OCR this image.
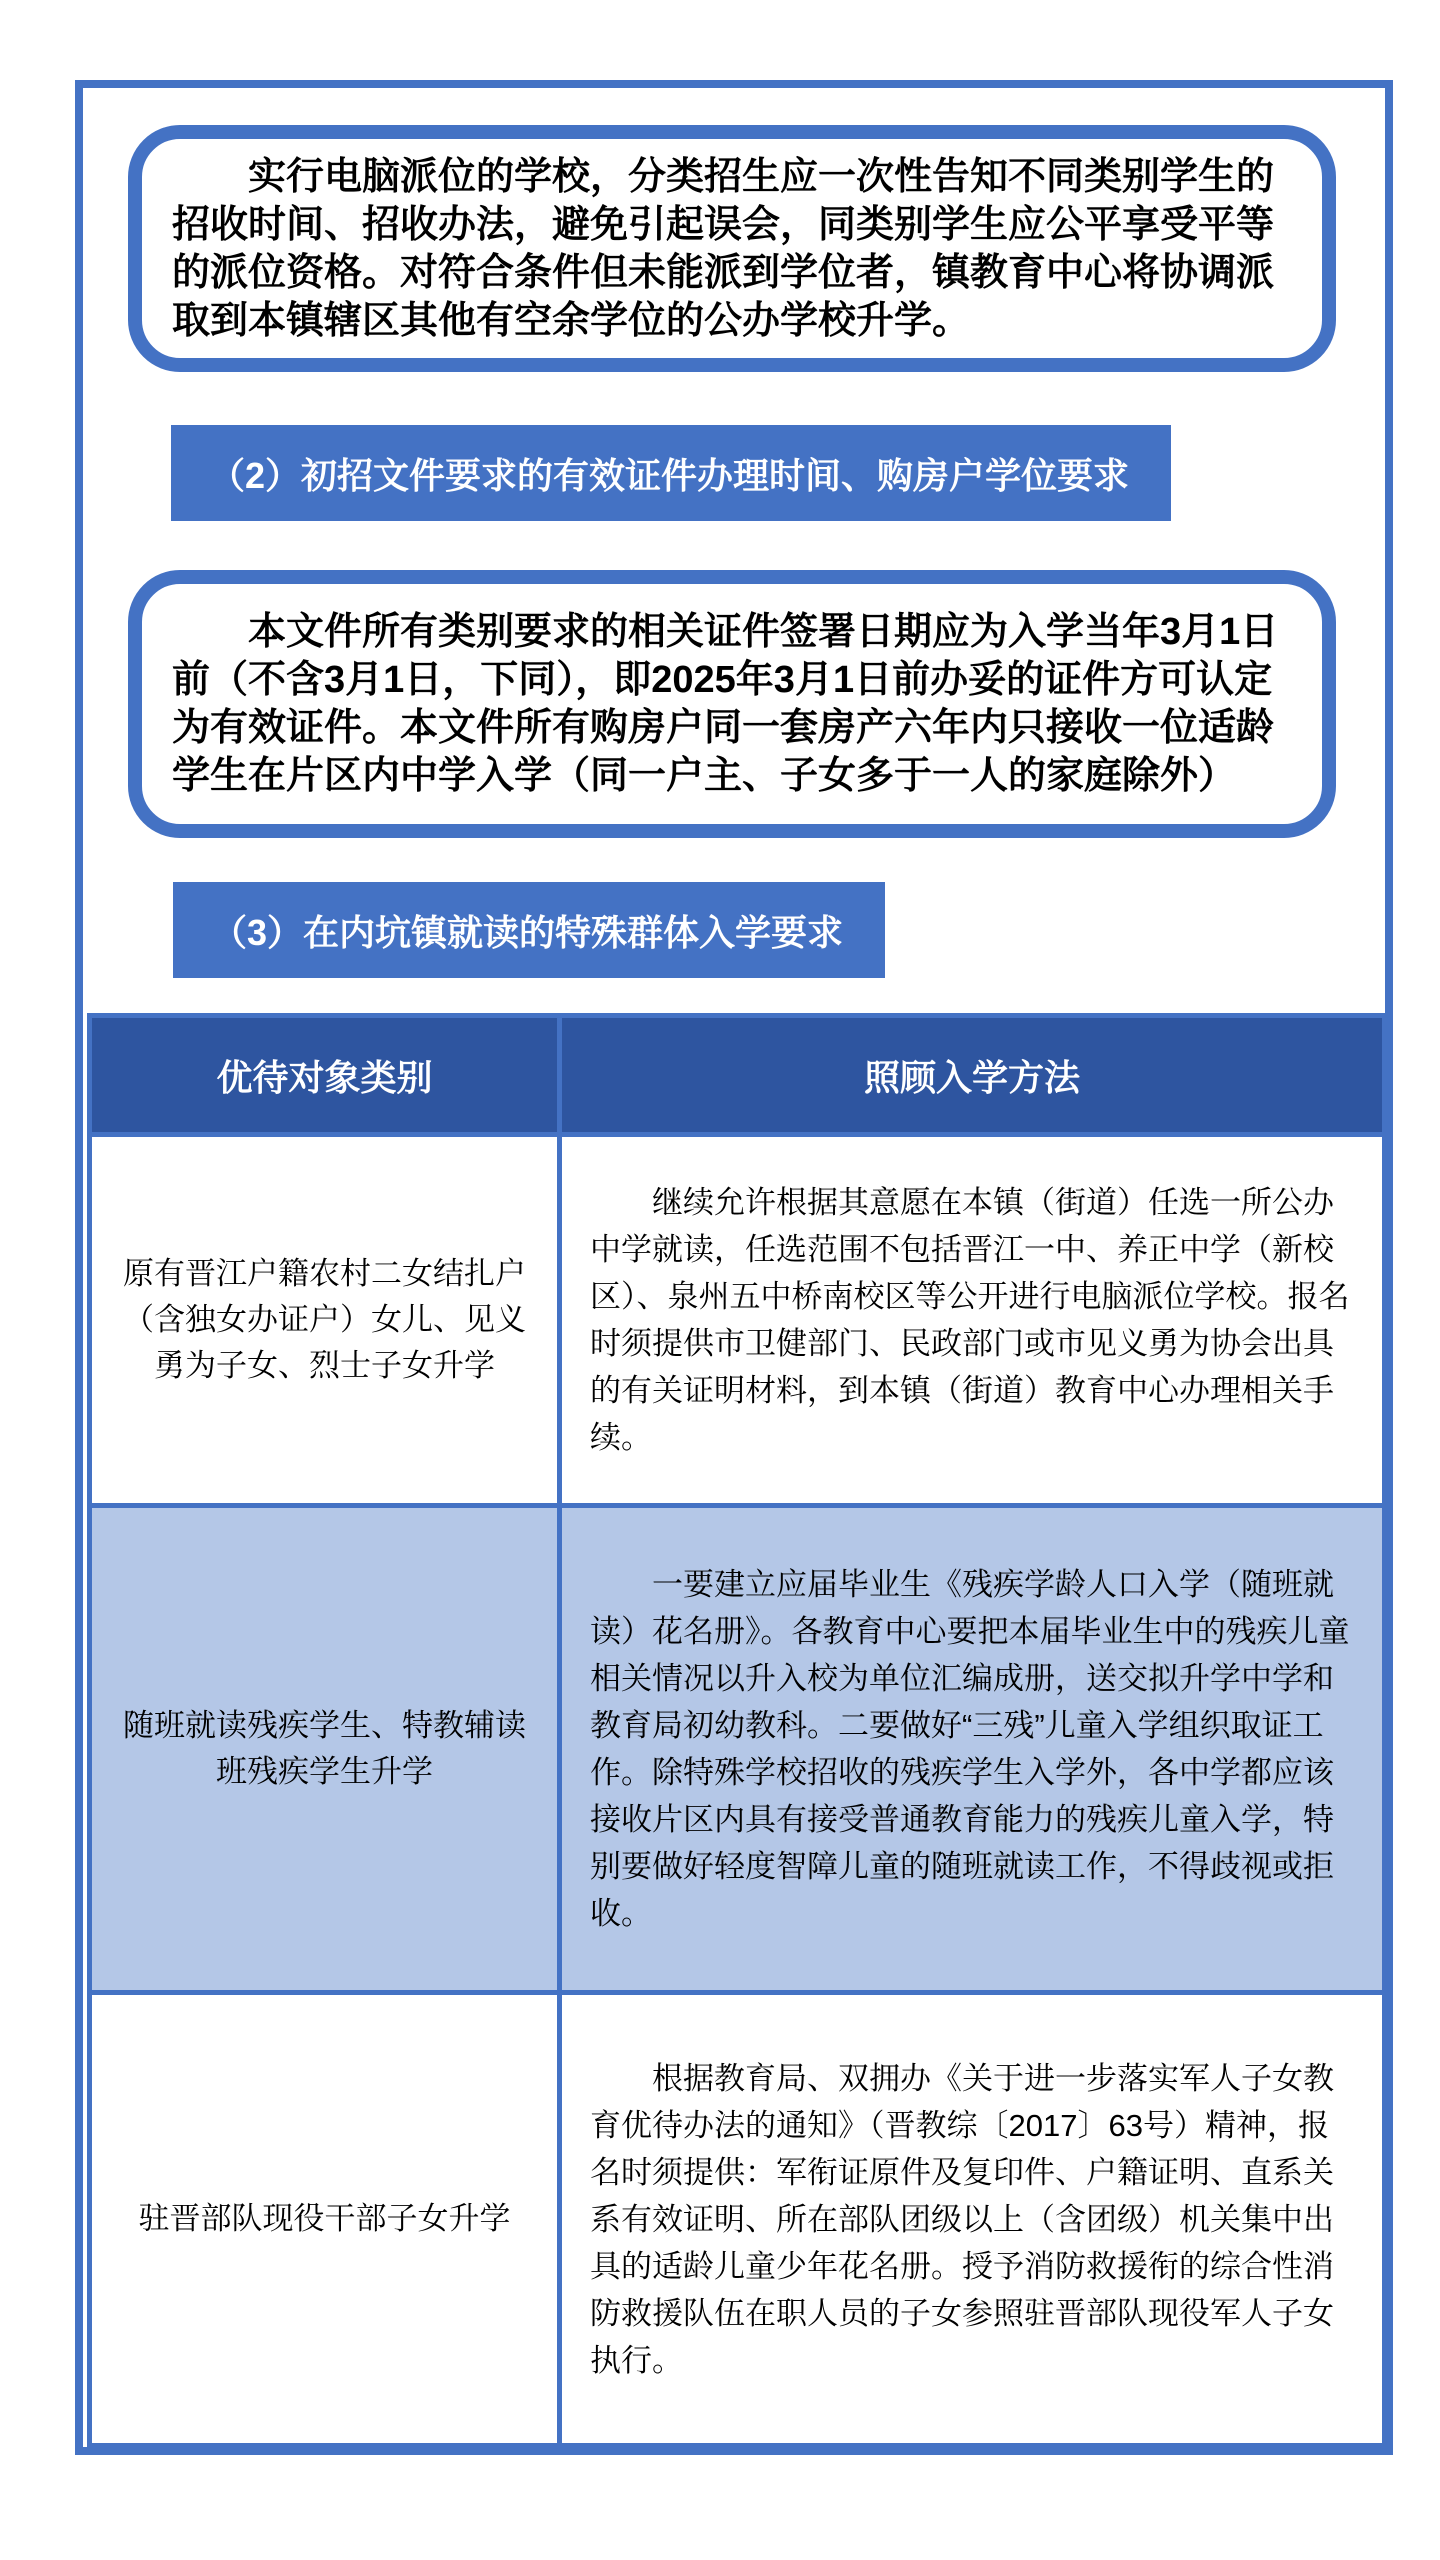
实行电脑派位的学校，分类招生应一次性告知不同类别学生的招收时间、招收办法，避免引起误会，同类别学生应公平享受平等的派位资格。对符合条件但未能派到学位者，镇教育中心将协调派取到本镇辖区其他有空余学位的公办学校升学。

（2）初招文件要求的有效证件办理时间、购房户学位要求

本文件所有类别要求的相关证件签署日期应为入学当年3月1日前（不含3月1日，下同），即2025年3月1日前办妥的证件方可认定为有效证件。本文件所有购房户同一套房产六年内只接收一位适龄学生在片区内中学入学（同一户主、子女多于一人的家庭除外）

（3）在内坑镇就读的特殊群体入学要求
优待对象类别	照顾入学方法
原有晋江户籍农村二女结扎户（含独女办证户）女儿、见义勇为子女、烈士子女升学	继续允许根据其意愿在本镇（街道）任选一所公办中学就读，任选范围不包括晋江一中、养正中学（新校区）、泉州五中桥南校区等公开进行电脑派位学校。报名时须提供市卫健部门、民政部门或市见义勇为协会出具的有关证明材料，到本镇（街道）教育中心办理相关手续。

随班就读残疾学生、特教辅读班残疾学生升学	一要建立应届毕业生《残疾学龄人口入学（随班就读）花名册》。各教育中心要把本届毕业生中的残疾儿童相关情况以升入校为单位汇编成册，送交拟升学中学和教育局初幼教科。二要做好“三残”儿童入学组织取证工作。除特殊学校招收的残疾学生入学外，各中学都应该接收片区内具有接受普通教育能力的残疾儿童入学，特别要做好轻度智障儿童的随班就读工作，不得歧视或拒收。

驻晋部队现役干部子女升学	根据教育局、双拥办《关于进一步落实军人子女教育优待办法的通知》（晋教综〔2017〕63号）精神，报名时须提供：军衔证原件及复印件、户籍证明、直系关系有效证明、所在部队团级以上（含团级）机关集中出具的适龄儿童少年花名册。授予消防救援衔的综合性消防救援队伍在职人员的子女参照驻晋部队现役军人子女执行。
